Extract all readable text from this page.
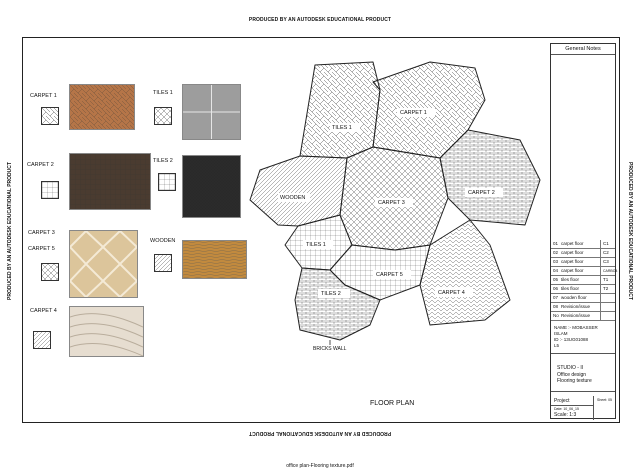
PRODUCED BY AN AUTODESK EDUCATIONAL PRODUCT
PRODUCED BY AN AUTODESK EDUCATIONAL PRODUCT
PRODUCED BY AN AUTODESK EDUCATIONAL PRODUCT	PRODUCED BY AN AUTODESK EDUCATIONAL PRODUCT
CARPET 1	TILES 1
CARPET 2
TILES 2
CARPET 3
CARPET 5
WOODEN
CARPET 4
TILES 1
CARPET 1
WOODEN
CARPET 3
CARPET 2
TILES 1
CARPET 5
CARPET 4
TILES 2
BRICKS WALL
FLOOR PLAN
General Notes
01 carpet floor	C1
02 carpet floor	C2
03 carpet floor	C3
04 carpet floor	CARBO4
05 tiles floor	T1
06 tiles floor	T2
07 wooden floor
08 Revision/issue
No Revision/issue
NAME :- MOBASSER ISLAM
ID :- 13UG01088
L5
STUDIO - II
Office design
Flooring texture
Project	Sheet: 05
Date: 10_06_15
Scale: 1:3
office plan-Flooring texture.pdf
